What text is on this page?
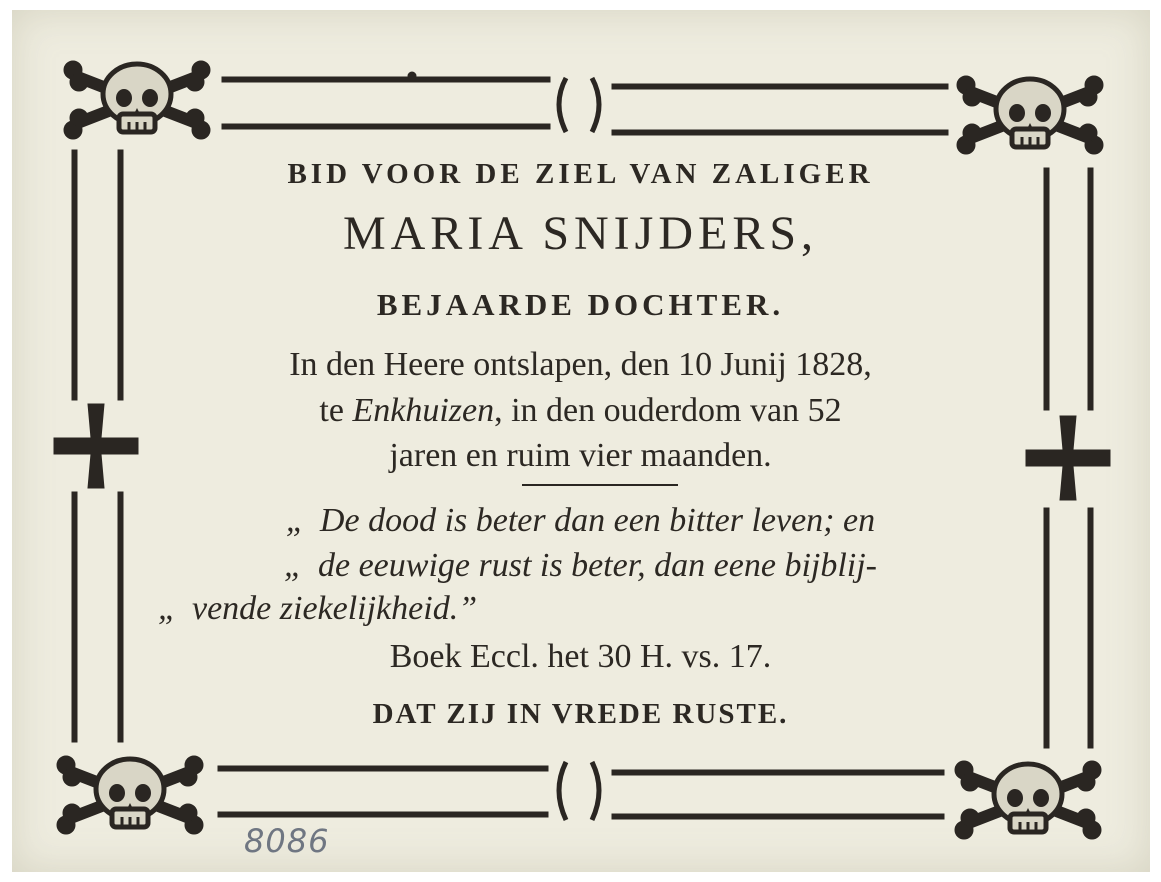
BID VOOR DE ZIEL VAN ZALIGER
MARIA SNIJDERS,
BEJAARDE DOCHTER.
In den Heere ontslapen, den 10 Junij 1828,
te Enkhuizen, in den ouderdom van 52
jaren en ruim vier maanden.
„ De dood is beter dan een bitter leven; en
„ de eeuwige rust is beter, dan eene bijblij-
„ vende ziekelijkheid.”
Boek Eccl. het 30 H. vs. 17.
DAT ZIJ IN VREDE RUSTE.
8086
